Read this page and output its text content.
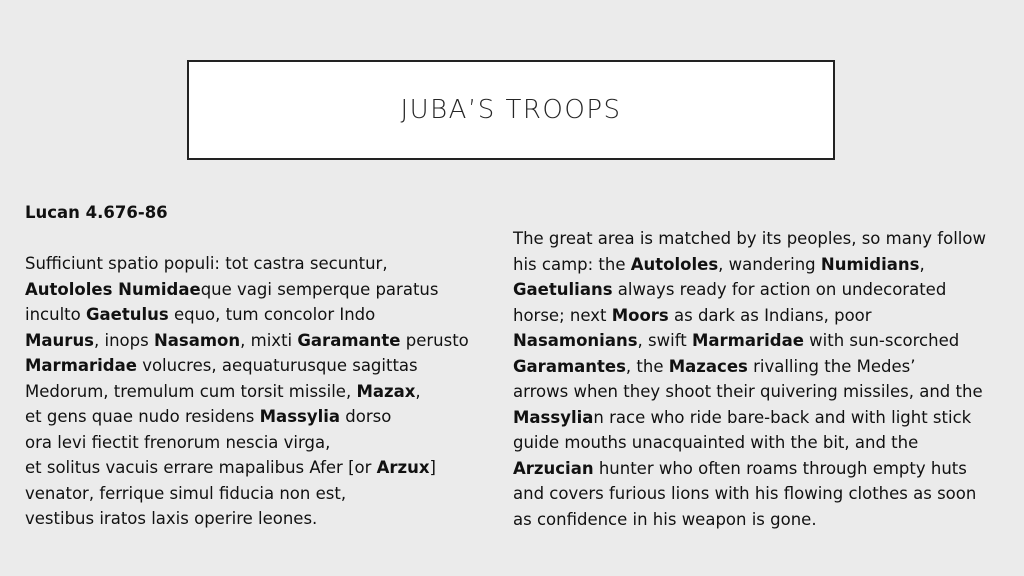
JUBA’S TROOPS
Lucan 4.676-86
Sufficiunt spatio populi: tot castra secuntur,
Autololes Numidaeque vagi semperque paratus
inculto Gaetulus equo, tum concolor Indo
Maurus, inops Nasamon, mixti Garamante perusto
Marmaridae volucres, aequaturusque sagittas
Medorum, tremulum cum torsit missile, Mazax,
et gens quae nudo residens Massylia dorso
ora levi fiectit frenorum nescia virga,
et solitus vacuis errare mapalibus Afer [or Arzux]
venator, ferrique simul fiducia non est,
vestibus iratos laxis operire leones.
The great area is matched by its peoples, so many follow
his camp: the Autololes, wandering Numidians,
Gaetulians always ready for action on undecorated
horse; next Moors as dark as Indians, poor
Nasamonians, swift Marmaridae with sun-scorched
Garamantes, the Mazaces rivalling the Medes’
arrows when they shoot their quivering missiles, and the
Massylian race who ride bare-back and with light stick
guide mouths unacquainted with the bit, and the
Arzucian hunter who often roams through empty huts
and covers furious lions with his flowing clothes as soon
as confidence in his weapon is gone.
